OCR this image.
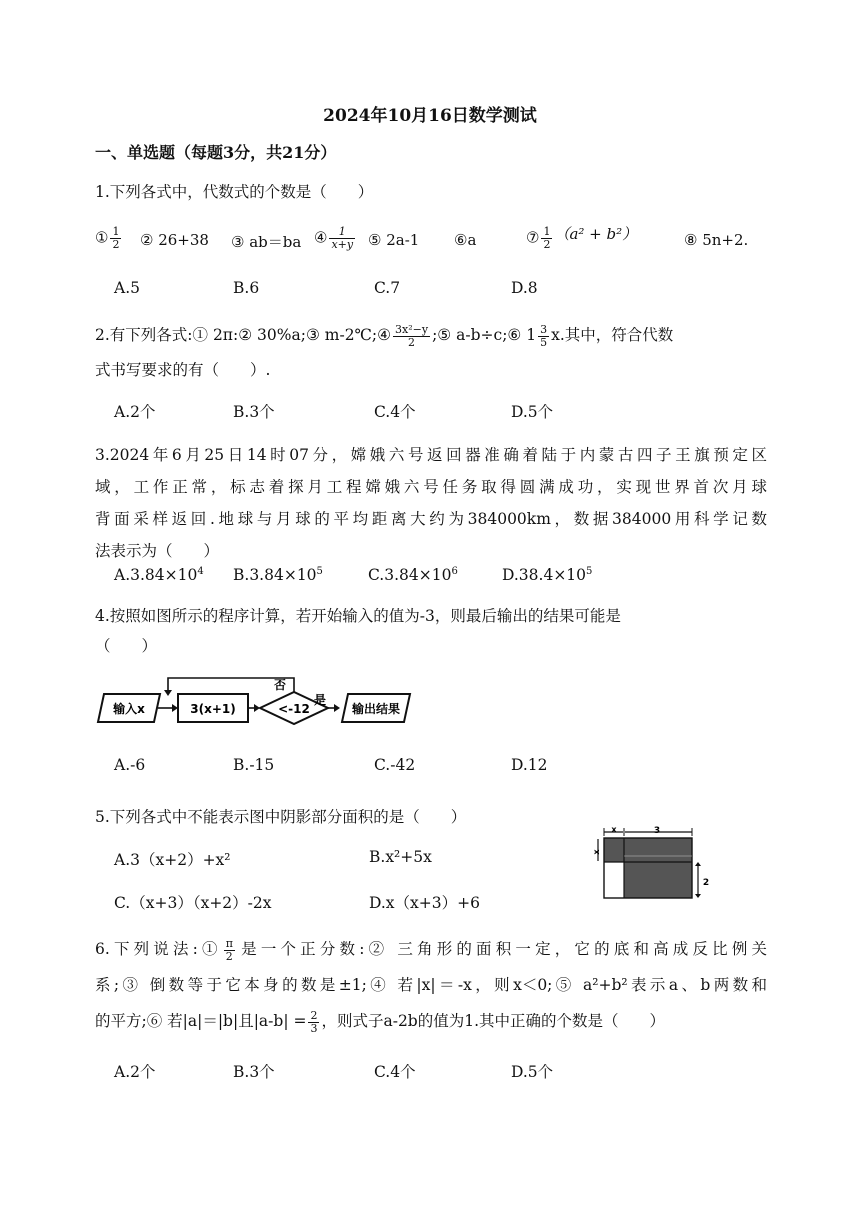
2024年10月16日数学测试
一、单选题（每题3分，共21分）
1.下列各式中，代数式的个数是（　　）
① $\frac{1}{2}$ ② 26+38 ③ ab＝ba ④ $\frac{1}{x+y}$ ⑤ 2a-1 ⑥a	⑦ $\frac{1}{2} (a^2 + b^2)$	⑧ 5n+2.
A.5	B.6	C.7	D.8
2.有下列各式:① 2π:② 30%a;③ m-2℃;④ $\frac{\text{3x²−y}}{2}$ ;⑤ a-b÷c;⑥ $1 \frac{3}{5} x$.其中，符合代数
式书写要求的有（　　）.
A.2个	B.3个	C.4个	D.5个
3.2024年6月25日14时07分，嫦娥六号返回器准确着陆于内蒙古四子王旗预定区
域，工作正常，标志着探月工程嫦娥六号任务取得圆满成功，实现世界首次月球
背面采样返回.地球与月球的平均距离大约为384000km，数据384000用科学记数
法表示为（　　）
$A.3.84\times 10^4$ $B.3.84\times 10^5$	$C.3.84\times 10^6$	$D.38.4\times 10^5$
4.按照如图所示的程序计算，若开始输入的值为-3，则最后输出的结果可能是
（　　）
输入x	3(x+1)	<-12
否
是
输出结果
A.-6	B.-15	C.-42	D.12
5.下列各式中不能表示图中阴影部分面积的是（　　）
A.3（x+2）+x²	B.x²+5x
C.（x+3）（x+2）-2x	D.x（x+3）+6
x	3
x
2
6.下列说法:① $\frac{\pi}{2}$ 是一个正分数:② 三角形的面积一定，它的底和高成反比例关
系;③ 倒数等于它本身的数是±1;④ 若|x|＝-x，则x＜0;⑤ a²+b²表示a、b两数和
的平方;⑥ 若|a|＝|b|且$|a-b| = \frac{2}{3}$ ，则式子a-2b的值为1.其中正确的个数是（　　）
A.2个	B.3个	C.4个	D.5个
